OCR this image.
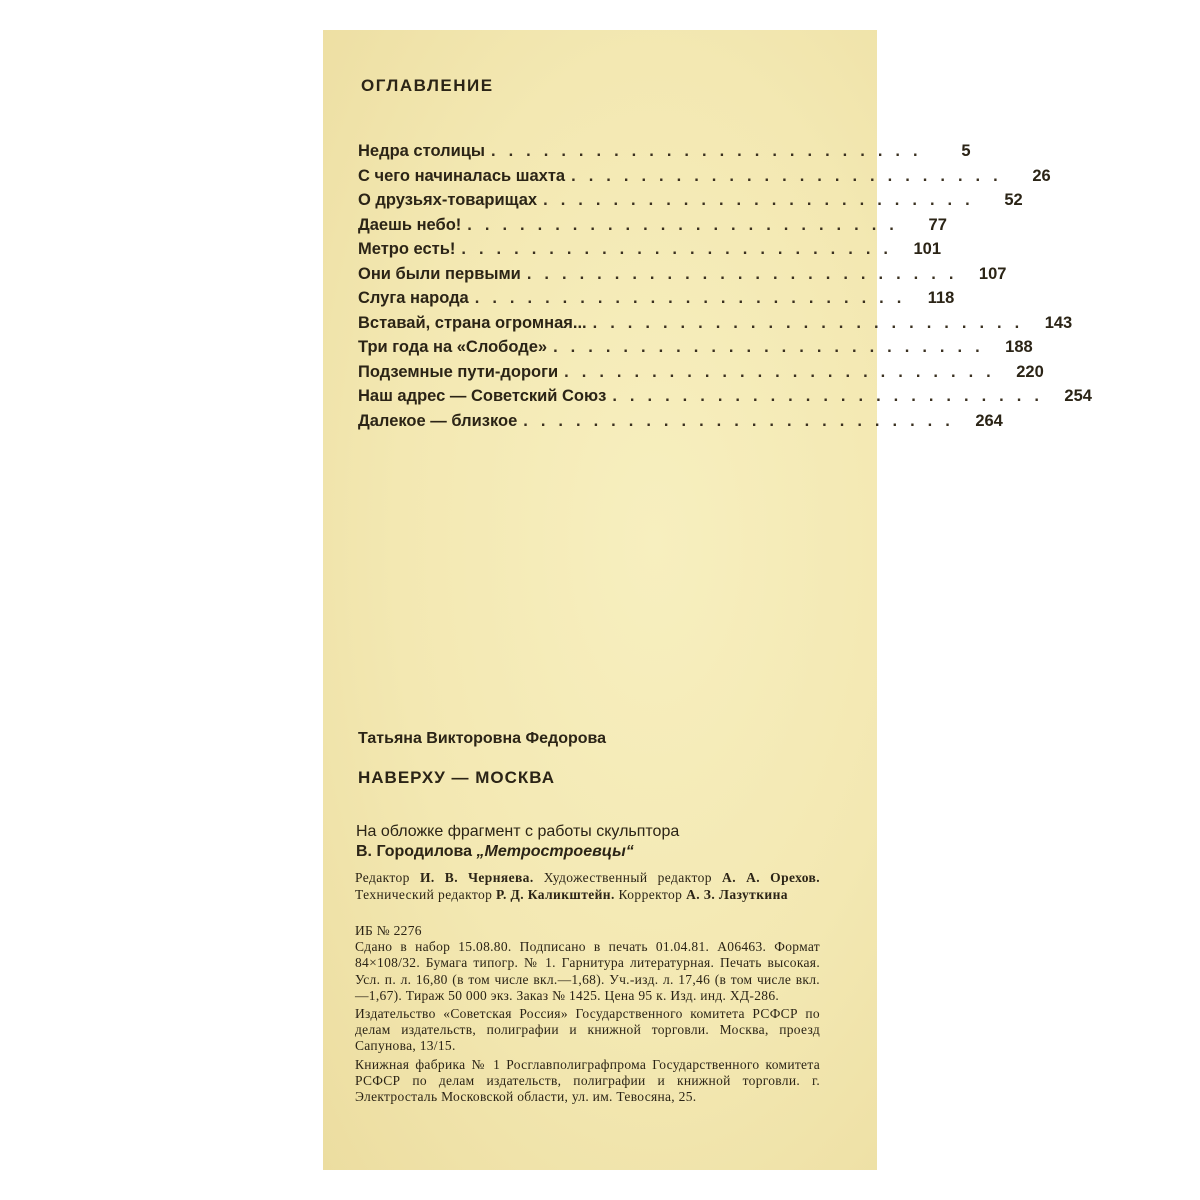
ОГЛАВЛЕНИЕ
Недра столицы .........................	5
С чего начиналась шахта .........................	26
О друзьях-товарищах .........................	52
Даешь небо! .........................	77
Метро есть! ......................... 101
Они были первыми ......................... 107
Слуга народа ......................... 118
Вставай, страна огромная... ......................... 143
Три года на «Слободе» ......................... 188
Подземные пути-дороги ......................... 220
Наш адрес — Советский Союз ......................... 254
Далекое — близкое ......................... 264

Татьяна Викторовна Федорова

НАВЕРХУ — МОСКВА

На обложке фрагмент с работы скульптора
В. Городилова „Метростроевцы“

Редактор И. В. Черняева. Художественный редактор А. А. Орехов. Технический редактор Р. Д. Каликштейн. Корректор А. З. Лазуткина

ИБ № 2276

Сдано в набор 15.08.80. Подписано в печать 01.04.81. А06463. Формат 84×108/32. Бумага типогр. № 1. Гарнитура литературная. Печать высокая. Усл. п. л. 16,80 (в том числе вкл.—1,68). Уч.-изд. л. 17,46 (в том числе вкл.—1,67). Тираж 50 000 экз. Заказ № 1425. Цена 95 к. Изд. инд. ХД-286.

Издательство «Советская Россия» Государственного комитета РСФСР по делам издательств, полиграфии и книжной торговли. Москва, проезд Сапунова, 13/15.

Книжная фабрика № 1 Росглавполиграфпрома Государственного комитета РСФСР по делам издательств, полиграфии и книжной торговли. г. Электросталь Московской области, ул. им. Тевосяна, 25.
